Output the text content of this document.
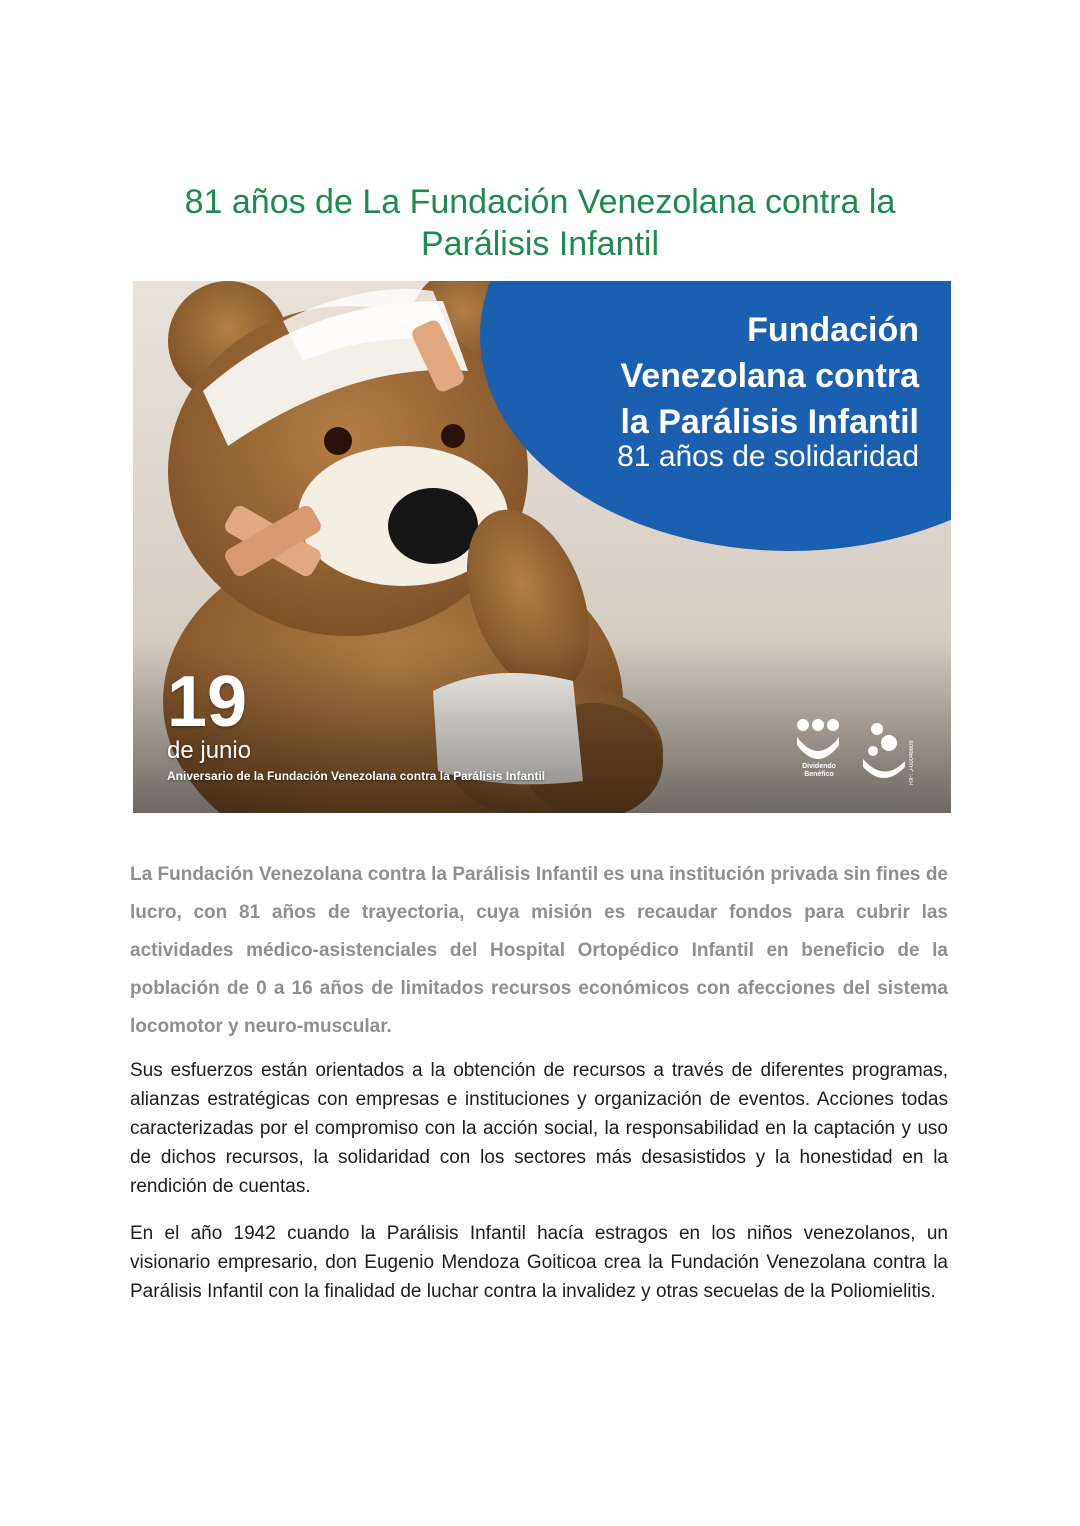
81 años de La Fundación Venezolana contra la
Parálisis Infantil
Fundación
Venezolana contra
la Parálisis Infantil
81 años de solidaridad
19
de junio
Aniversario de la Fundación Venezolana contra la Parálisis Infantil
Dividendo Benéfico	RIF: J-00046608

La Fundación Venezolana contra la Parálisis Infantil es una institución privada sin fines de lucro, con 81 años de trayectoria, cuya misión es recaudar fondos para cubrir las actividades médico-asistenciales del Hospital Ortopédico Infantil en beneficio de la población de 0 a 16 años de limitados recursos económicos con afecciones del sistema locomotor y neuro-muscular.

Sus esfuerzos están orientados a la obtención de recursos a través de diferentes programas, alianzas estratégicas con empresas e instituciones y organización de eventos. Acciones todas caracterizadas por el compromiso con la acción social, la responsabilidad en la captación y uso de dichos recursos, la solidaridad con los sectores más desasistidos y la honestidad en la rendición de cuentas.

En el año 1942 cuando la Parálisis Infantil hacía estragos en los niños venezolanos, un visionario empresario, don Eugenio Mendoza Goiticoa crea la Fundación Venezolana contra la Parálisis Infantil con la finalidad de luchar contra la invalidez y otras secuelas de la Poliomielitis.
